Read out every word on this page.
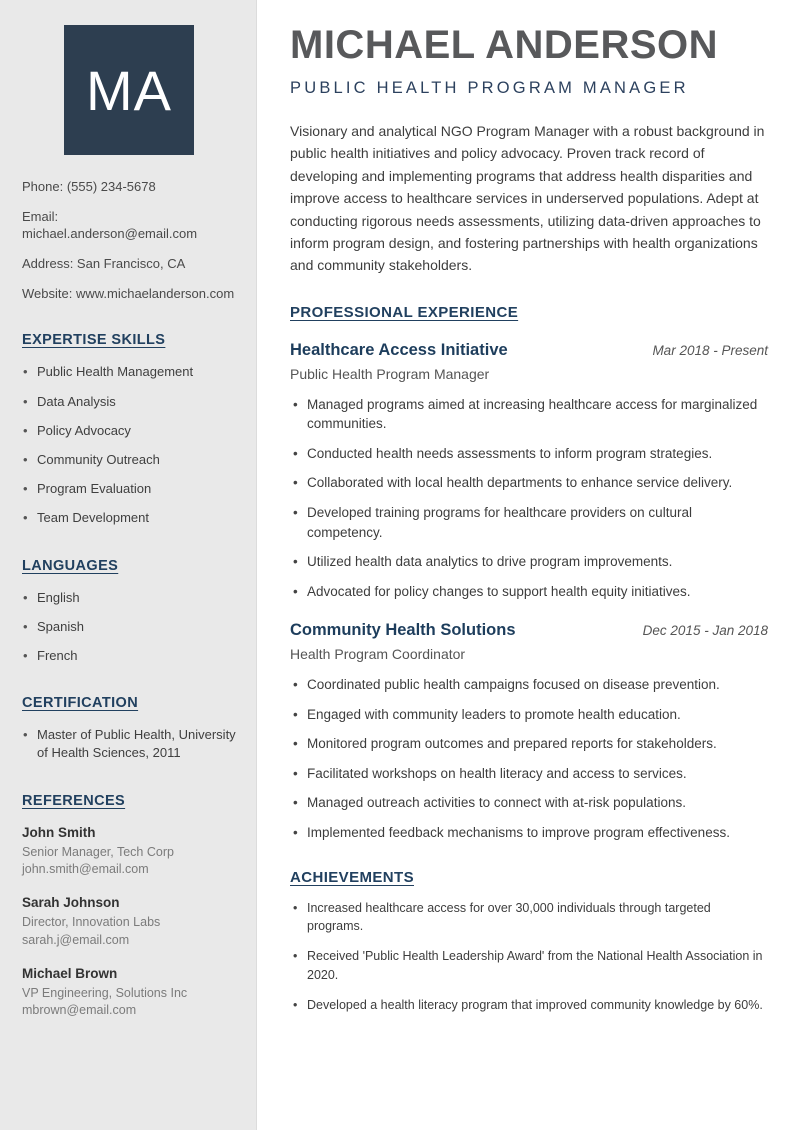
MA

Phone: (555) 234-5678

Email: michael.anderson@email.com

Address: San Francisco, CA

Website: www.michaelanderson.com

EXPERTISE SKILLS
• Public Health Management
• Data Analysis
• Policy Advocacy
• Community Outreach
• Program Evaluation
• Team Development
LANGUAGES
• English
• Spanish
• French
CERTIFICATION
• Master of Public Health, University of Health Sciences, 2011
REFERENCES
John Smith
Senior Manager, Tech Corp
john.smith@email.com
Sarah Johnson
Director, Innovation Labs
sarah.j@email.com
Michael Brown
VP Engineering, Solutions Inc
mbrown@email.com
MICHAEL ANDERSON
PUBLIC HEALTH PROGRAM MANAGER

Visionary and analytical NGO Program Manager with a robust background in public health initiatives and policy advocacy. Proven track record of developing and implementing programs that address health disparities and improve access to healthcare services in underserved populations. Adept at conducting rigorous needs assessments, utilizing data-driven approaches to inform program design, and fostering partnerships with health organizations and community stakeholders.

PROFESSIONAL EXPERIENCE
Healthcare Access Initiative	Mar 2018 - Present
Public Health Program Manager
• Managed programs aimed at increasing healthcare access for marginalized communities.
• Conducted health needs assessments to inform program strategies.
• Collaborated with local health departments to enhance service delivery.
• Developed training programs for healthcare providers on cultural competency.
• Utilized health data analytics to drive program improvements.
• Advocated for policy changes to support health equity initiatives.
Community Health Solutions	Dec 2015 - Jan 2018
Health Program Coordinator
• Coordinated public health campaigns focused on disease prevention.
• Engaged with community leaders to promote health education.
• Monitored program outcomes and prepared reports for stakeholders.
• Facilitated workshops on health literacy and access to services.
• Managed outreach activities to connect with at-risk populations.
• Implemented feedback mechanisms to improve program effectiveness.
ACHIEVEMENTS
• Increased healthcare access for over 30,000 individuals through targeted programs.
• Received 'Public Health Leadership Award' from the National Health Association in 2020.
• Developed a health literacy program that improved community knowledge by 60%.
